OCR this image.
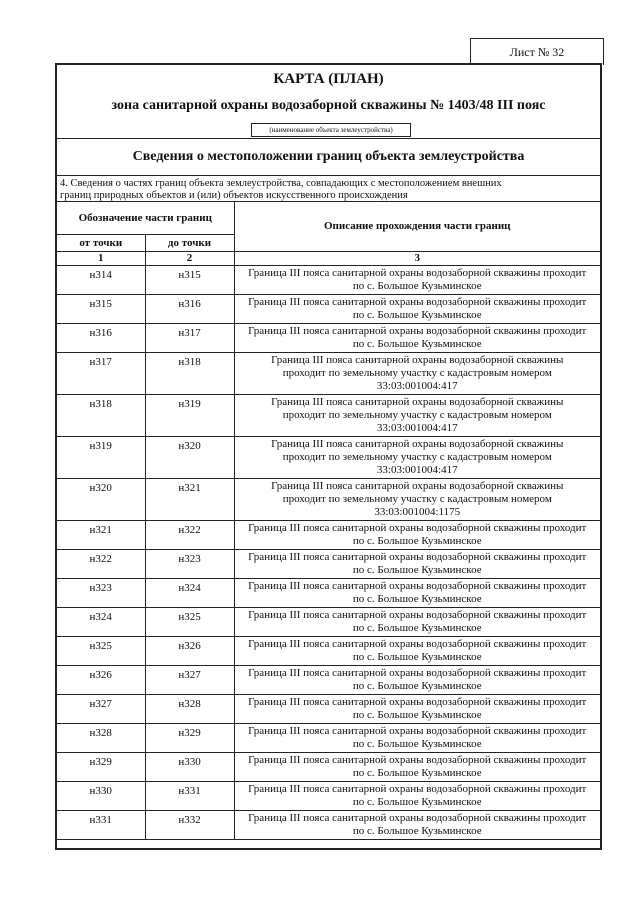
Лист № 32
КАРТА (ПЛАН)
зона санитарной охраны водозаборной скважины № 1403/48 III пояс
(наименование объекта землеустройства)
Сведения о местоположении границ объекта землеустройства
4. Сведения о частях границ объекта землеустройства, совпадающих с местоположением внешних
границ природных объектов и (или) объектов искусственного происхождения
Обозначение части границ		Описание прохождения части границ
от точки	до точки	
1	2	3
н314	н315	Граница III пояса санитарной охраны водозаборной скважины проходит
по с. Большое Кузьминское

н315	н316	Граница III пояса санитарной охраны водозаборной скважины проходит
по с. Большое Кузьминское

н316	н317	Граница III пояса санитарной охраны водозаборной скважины проходит
по с. Большое Кузьминское

н317	н318	Граница III пояса санитарной охраны водозаборной скважины
проходит по земельному участку с кадастровым номером
33:03:001004:417

н318	н319	Граница III пояса санитарной охраны водозаборной скважины
проходит по земельному участку с кадастровым номером
33:03:001004:417

н319	н320	Граница III пояса санитарной охраны водозаборной скважины
проходит по земельному участку с кадастровым номером
33:03:001004:417

н320	н321	Граница III пояса санитарной охраны водозаборной скважины
проходит по земельному участку с кадастровым номером
33:03:001004:1175

н321	н322	Граница III пояса санитарной охраны водозаборной скважины проходит
по с. Большое Кузьминское

н322	н323	Граница III пояса санитарной охраны водозаборной скважины проходит
по с. Большое Кузьминское

н323	н324	Граница III пояса санитарной охраны водозаборной скважины проходит
по с. Большое Кузьминское

н324	н325	Граница III пояса санитарной охраны водозаборной скважины проходит
по с. Большое Кузьминское

н325	н326	Граница III пояса санитарной охраны водозаборной скважины проходит
по с. Большое Кузьминское

н326	н327	Граница III пояса санитарной охраны водозаборной скважины проходит
по с. Большое Кузьминское

н327	н328	Граница III пояса санитарной охраны водозаборной скважины проходит
по с. Большое Кузьминское

н328	н329	Граница III пояса санитарной охраны водозаборной скважины проходит
по с. Большое Кузьминское

н329	н330	Граница III пояса санитарной охраны водозаборной скважины проходит
по с. Большое Кузьминское

н330	н331	Граница III пояса санитарной охраны водозаборной скважины проходит
по с. Большое Кузьминское

н331	н332	Граница III пояса санитарной охраны водозаборной скважины проходит
по с. Большое Кузьминское
